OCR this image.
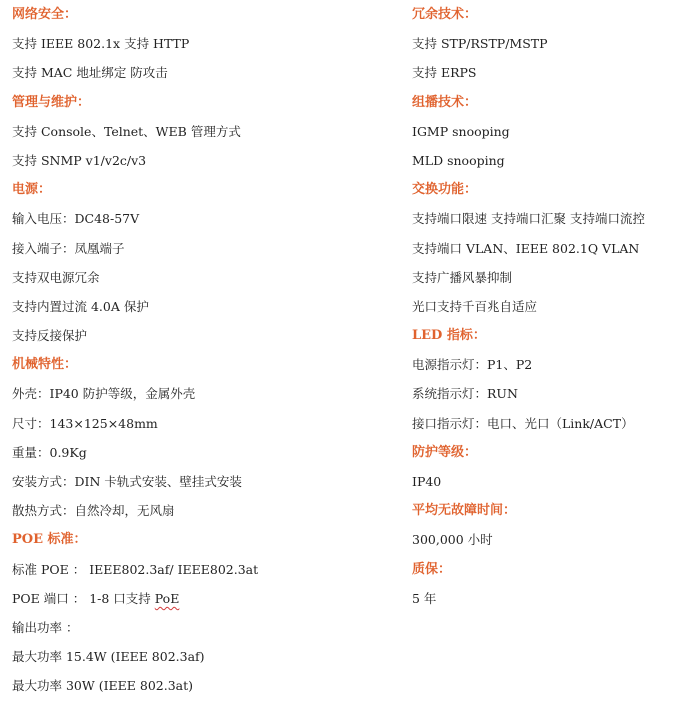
网络安全：
支持 IEEE 802.1x 支持 HTTP
支持 MAC 地址绑定 防攻击
管理与维护：
支持 Console、Telnet、WEB 管理方式
支持 SNMP v1/v2c/v3
电源：
输入电压：DC48-57V
接入端子：凤凰端子
支持双电源冗余
支持内置过流 4.0A 保护
支持反接保护
机械特性：
外壳：IP40 防护等级，金属外壳
尺寸：143×125×48mm
重量：0.9Kg
安装方式：DIN 卡轨式安装、壁挂式安装
散热方式：自然冷却，无风扇
POE 标准：
标准 POE ： IEEE802.3af/ IEEE802.3at
POE 端口 ： 1-8 口支持 PoE
输出功率 ：
最大功率 15.4W (IEEE 802.3af)
最大功率 30W (IEEE 802.3at)
冗余技术：
支持 STP/RSTP/MSTP
支持 ERPS
组播技术：
IGMP snooping
MLD snooping
交换功能：
支持端口限速 支持端口汇聚 支持端口流控
支持端口 VLAN、IEEE 802.1Q VLAN
支持广播风暴抑制
光口支持千百兆自适应
LED 指标：
电源指示灯：P1、P2
系统指示灯：RUN
接口指示灯：电口、光口（Link/ACT）
防护等级：
IP40
平均无故障时间：
300,000 小时
质保：
5 年
